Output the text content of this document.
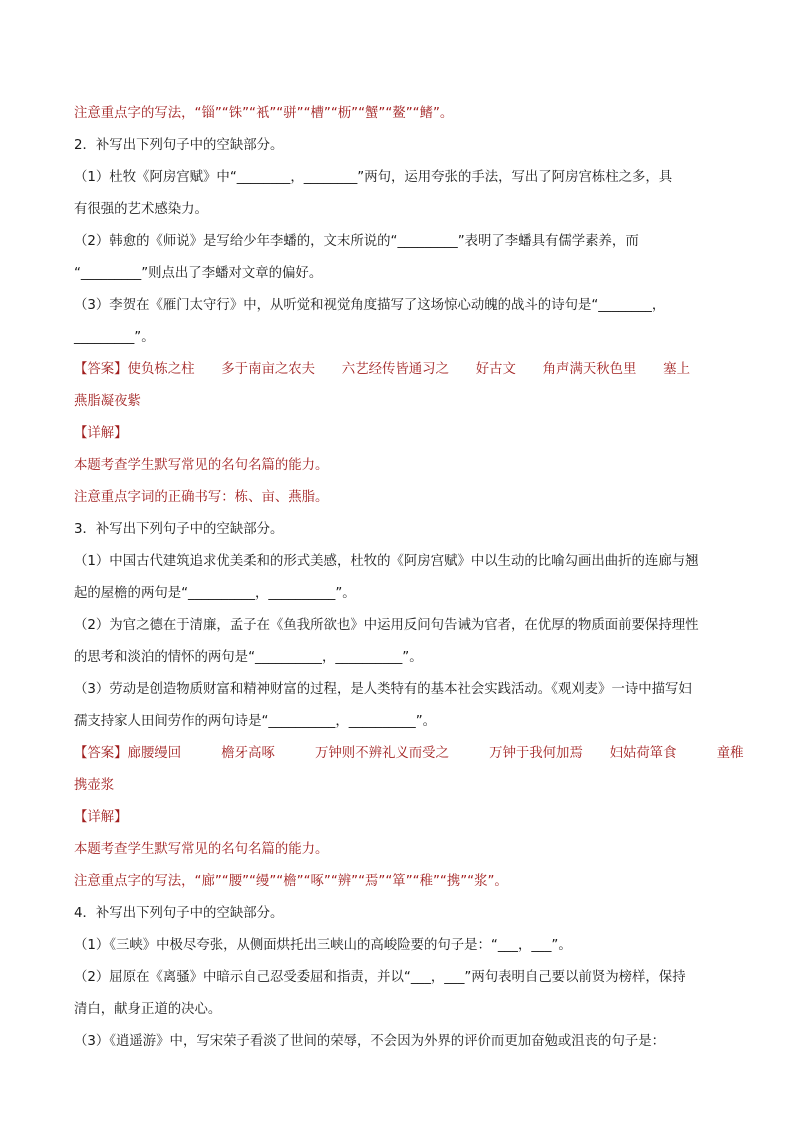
注意重点字的写法，“锱”“铢”“衹”“骈”“槽”“枥”“蟹”“鳌”“鳍”。

2．补写出下列句子中的空缺部分。

（1）杜牧《阿房宫赋》中“________，________”两句，运用夸张的手法，写出了阿房宫栋柱之多，具

有很强的艺术感染力。

（2）韩愈的《师说》是写给少年李蟠的，文末所说的“_________”表明了李蟠具有儒学素养，而

“_________”则点出了李蟠对文章的偏好。

（3）李贺在《雁门太守行》中，从听觉和视觉角度描写了这场惊心动魄的战斗的诗句是“________，

_________”。

【答案】使负栋之柱　　多于南亩之农夫　　六艺经传皆通习之　　好古文　　角声满天秋色里　　塞上

燕脂凝夜紫

【详解】

本题考查学生默写常见的名句名篇的能力。

注意重点字词的正确书写：栋、亩、燕脂。

3．补写出下列句子中的空缺部分。

（1）中国古代建筑追求优美柔和的形式美感，杜牧的《阿房宫赋》中以生动的比喻勾画出曲折的连廊与翘

起的屋檐的两句是“__________，__________”。

（2）为官之德在于清廉，孟子在《鱼我所欲也》中运用反问句告诫为官者，在优厚的物质面前要保持理性

的思考和淡泊的情怀的两句是“__________，__________”。

（3）劳动是创造物质财富和精神财富的过程，是人类特有的基本社会实践活动。《观刈麦》一诗中描写妇

孺支持家人田间劳作的两句诗是“__________，__________”。

【答案】廊腰缦回　　　檐牙高啄　　　万钟则不辨礼义而受之　　　万钟于我何加焉　　妇姑荷箪食　　　童稚

携壶浆

【详解】

本题考查学生默写常见的名句名篇的能力。

注意重点字的写法，“廊”“腰”“缦”“檐”“啄”“辨”“焉”“箪”“稚”“携”“浆”。

4．补写出下列句子中的空缺部分。

（1）《三峡》中极尽夸张，从侧面烘托出三峡山的高峻险要的句子是：“___，___”。

（2）屈原在《离骚》中暗示自己忍受委屈和指责，并以“___，___”两句表明自己要以前贤为榜样，保持

清白，献身正道的决心。

（3）《逍遥游》中，写宋荣子看淡了世间的荣辱，不会因为外界的评价而更加奋勉或沮丧的句子是：
